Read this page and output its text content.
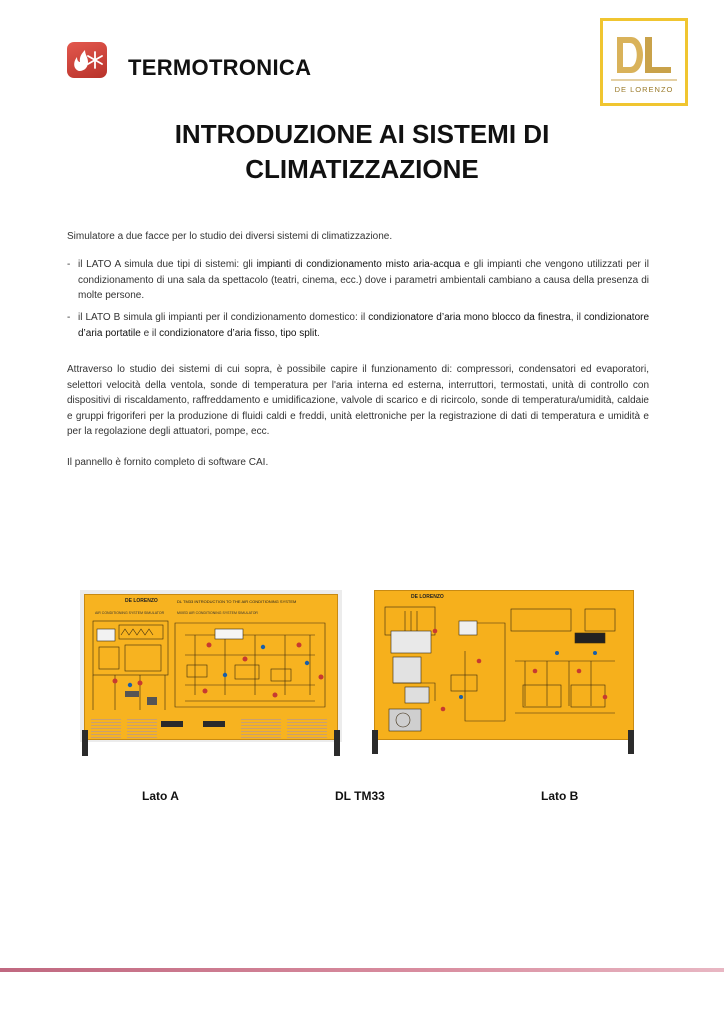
TERMOTRONICA
DE LORENZO
INTRODUZIONE AI SISTEMI DI
CLIMATIZZAZIONE
Simulatore a due facce per lo studio dei diversi sistemi di climatizzazione.
- il LATO A simula due tipi di sistemi: gli impianti di condizionamento misto aria-acqua e gli impianti che vengono utilizzati per il condizionamento di una sala da spettacolo (teatri, cinema, ecc.) dove i parametri ambientali cambiano a causa della presenza di molte persone.
- il LATO B simula gli impianti per il condizionamento domestico: il condizionatore d’aria mono blocco da finestra, il condizionatore d’aria portatile e il condizionatore d’aria fisso, tipo split.
Attraverso lo studio dei sistemi di cui sopra, è possibile capire il funzionamento di: compressori, condensatori ed evaporatori, selettori velocità della ventola, sonde di temperatura per l'aria interna ed esterna, interruttori, termostati, unità di controllo con dispositivi di riscaldamento, raffreddamento e umidificazione, valvole di scarico e di ricircolo, sonde di temperatura/umidità, caldaie e gruppi frigoriferi per la produzione di fluidi caldi e freddi, unità elettroniche per la registrazione di dati di temperatura e umidità e per la regolazione degli attuatori, pompe, ecc.
Il pannello è fornito completo di software CAI.
DE LORENZO	DL TM33 INTRODUCTION TO THE AIR CONDITIONING SYSTEM
AIR CONDITIONING SYSTEM SIMULATOR	MIXED AIR CONDITIONING SYSTEM SIMULATOR
DE LORENZO
Lato A	DL TM33	Lato B
